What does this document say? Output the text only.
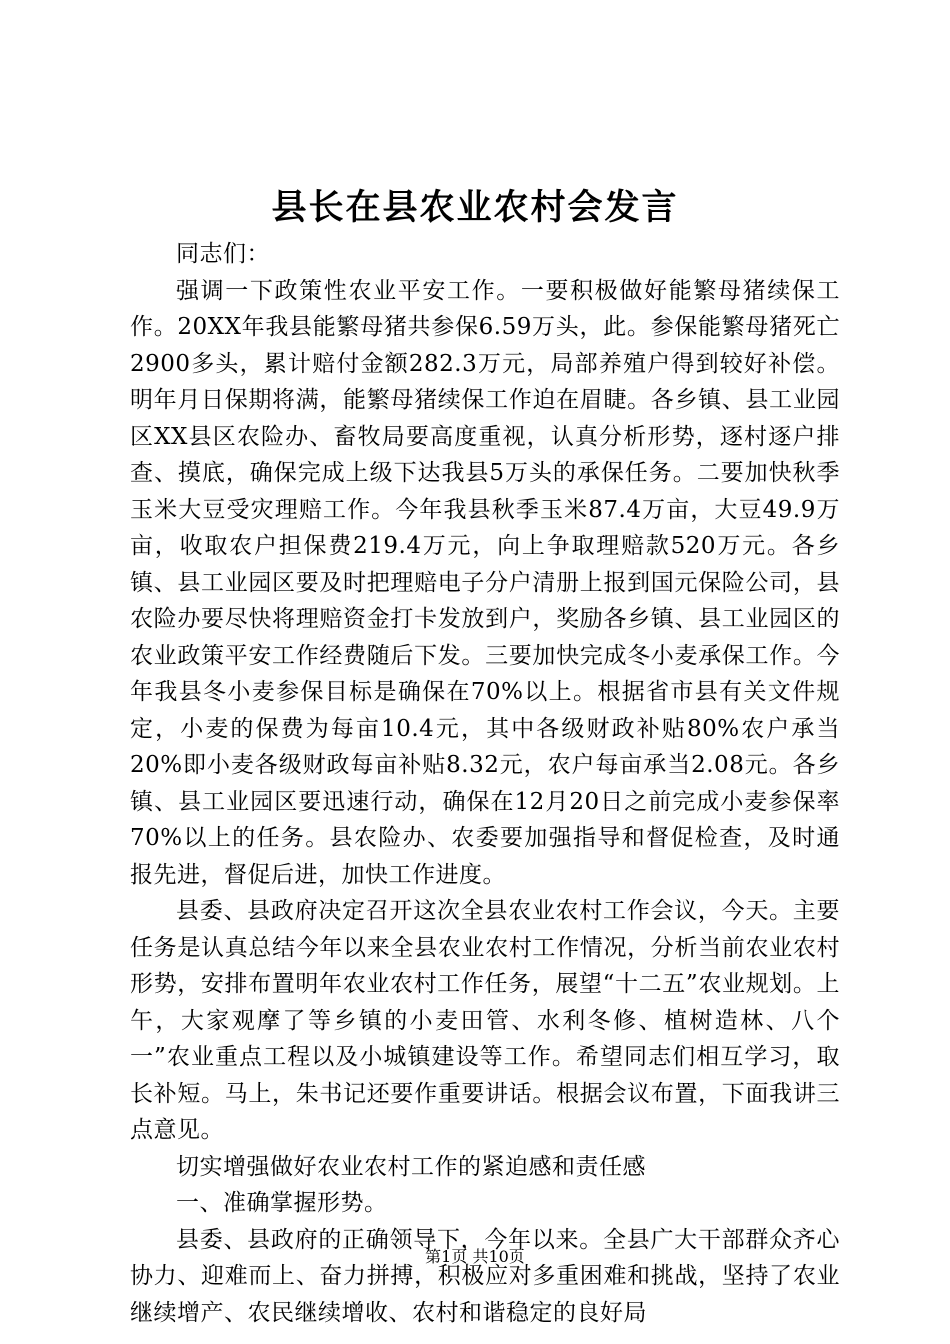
县长在县农业农村会发言

同志们：

强调一下政策性农业平安工作。一要积极做好能繁母猪续保工作。20XX年我县能繁母猪共参保6.59万头，此。参保能繁母猪死亡2900多头，累计赔付金额282.3万元，局部养殖户得到较好补偿。明年月日保期将满，能繁母猪续保工作迫在眉睫。各乡镇、县工业园区XX县区农险办、畜牧局要高度重视，认真分析形势，逐村逐户排查、摸底，确保完成上级下达我县5万头的承保任务。二要加快秋季玉米大豆受灾理赔工作。今年我县秋季玉米87.4万亩，大豆49.9万亩，收取农户担保费219.4万元，向上争取理赔款520万元。各乡镇、县工业园区要及时把理赔电子分户清册上报到国元保险公司，县农险办要尽快将理赔资金打卡发放到户，奖励各乡镇、县工业园区的农业政策平安工作经费随后下发。三要加快完成冬小麦承保工作。今年我县冬小麦参保目标是确保在70%以上。根据省市县有关文件规定，小麦的保费为每亩10.4元，其中各级财政补贴80%农户承当20%即小麦各级财政每亩补贴8.32元，农户每亩承当2.08元。各乡镇、县工业园区要迅速行动，确保在12月20日之前完成小麦参保率70%以上的任务。县农险办、农委要加强指导和督促检查，及时通报先进，督促后进，加快工作进度。

县委、县政府决定召开这次全县农业农村工作会议，今天。主要任务是认真总结今年以来全县农业农村工作情况，分析当前农业农村形势，安排布置明年农业农村工作任务，展望“十二五”农业规划。上午，大家观摩了等乡镇的小麦田管、水利冬修、植树造林、八个一”农业重点工程以及小城镇建设等工作。希望同志们相互学习，取长补短。马上，朱书记还要作重要讲话。根据会议布置，下面我讲三点意见。

切实增强做好农业农村工作的紧迫感和责任感

一、准确掌握形势。

县委、县政府的正确领导下，今年以来。全县广大干部群众齐心协力、迎难而上、奋力拼搏，积极应对多重困难和挑战，坚持了农业继续增产、农民继续增收、农村和谐稳定的良好局

第1页 共10页
